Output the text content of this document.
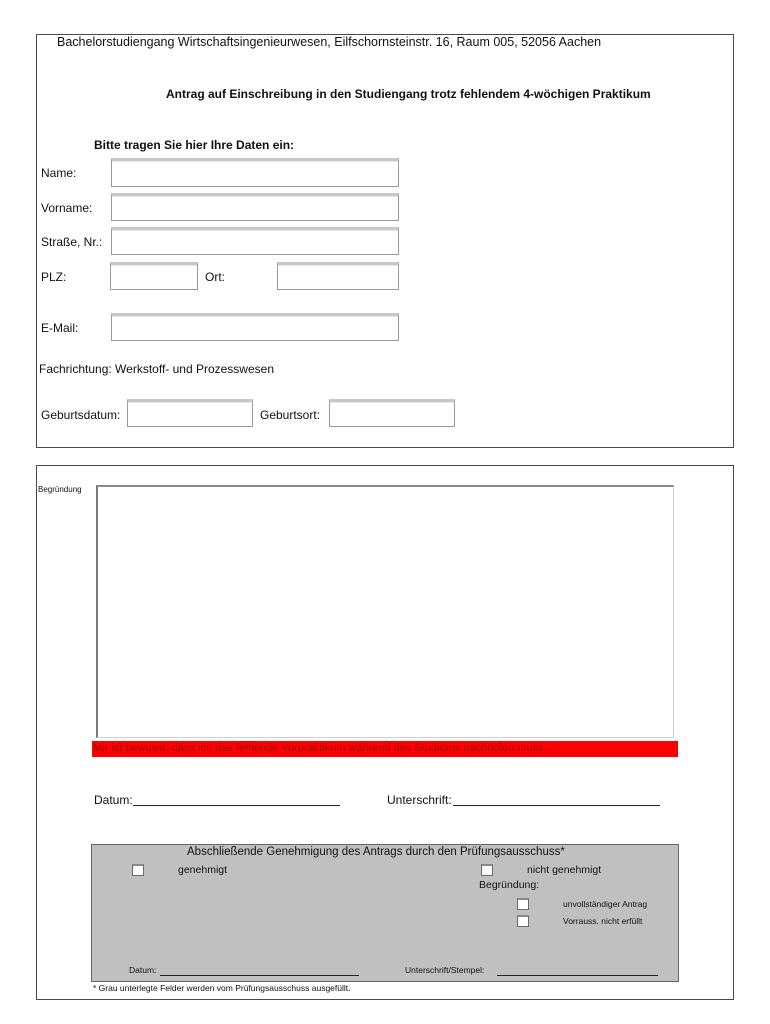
Bachelorstudiengang Wirtschaftsingenieurwesen, Eilfschornsteinstr. 16, Raum 005, 52056 Aachen
Antrag auf Einschreibung in den Studiengang trotz fehlendem 4-wöchigen Praktikum
Bitte tragen Sie hier Ihre Daten ein:
Name:
Vorname:
Straße, Nr.:
PLZ:	Ort:
E-Mail:
Fachrichtung: Werkstoff- und Prozesswesen
Geburtsdatum:	Geburtsort:
Begründung
Mir ist bewusst, dass ich das fehlende Vorpraktikum während des Studiums nachholen muss.
Datum:	Unterschrift:
Abschließende Genehmigung des Antrags durch den Prüfungsausschuss*
genehmigt	nicht genehmigt
Begründung:
unvollständiger Antrag
Vorrauss. nicht erfüllt
Datum:	Unterschrift/Stempel:
* Grau unterlegte Felder werden vom Prüfungsausschuss ausgefüllt.
